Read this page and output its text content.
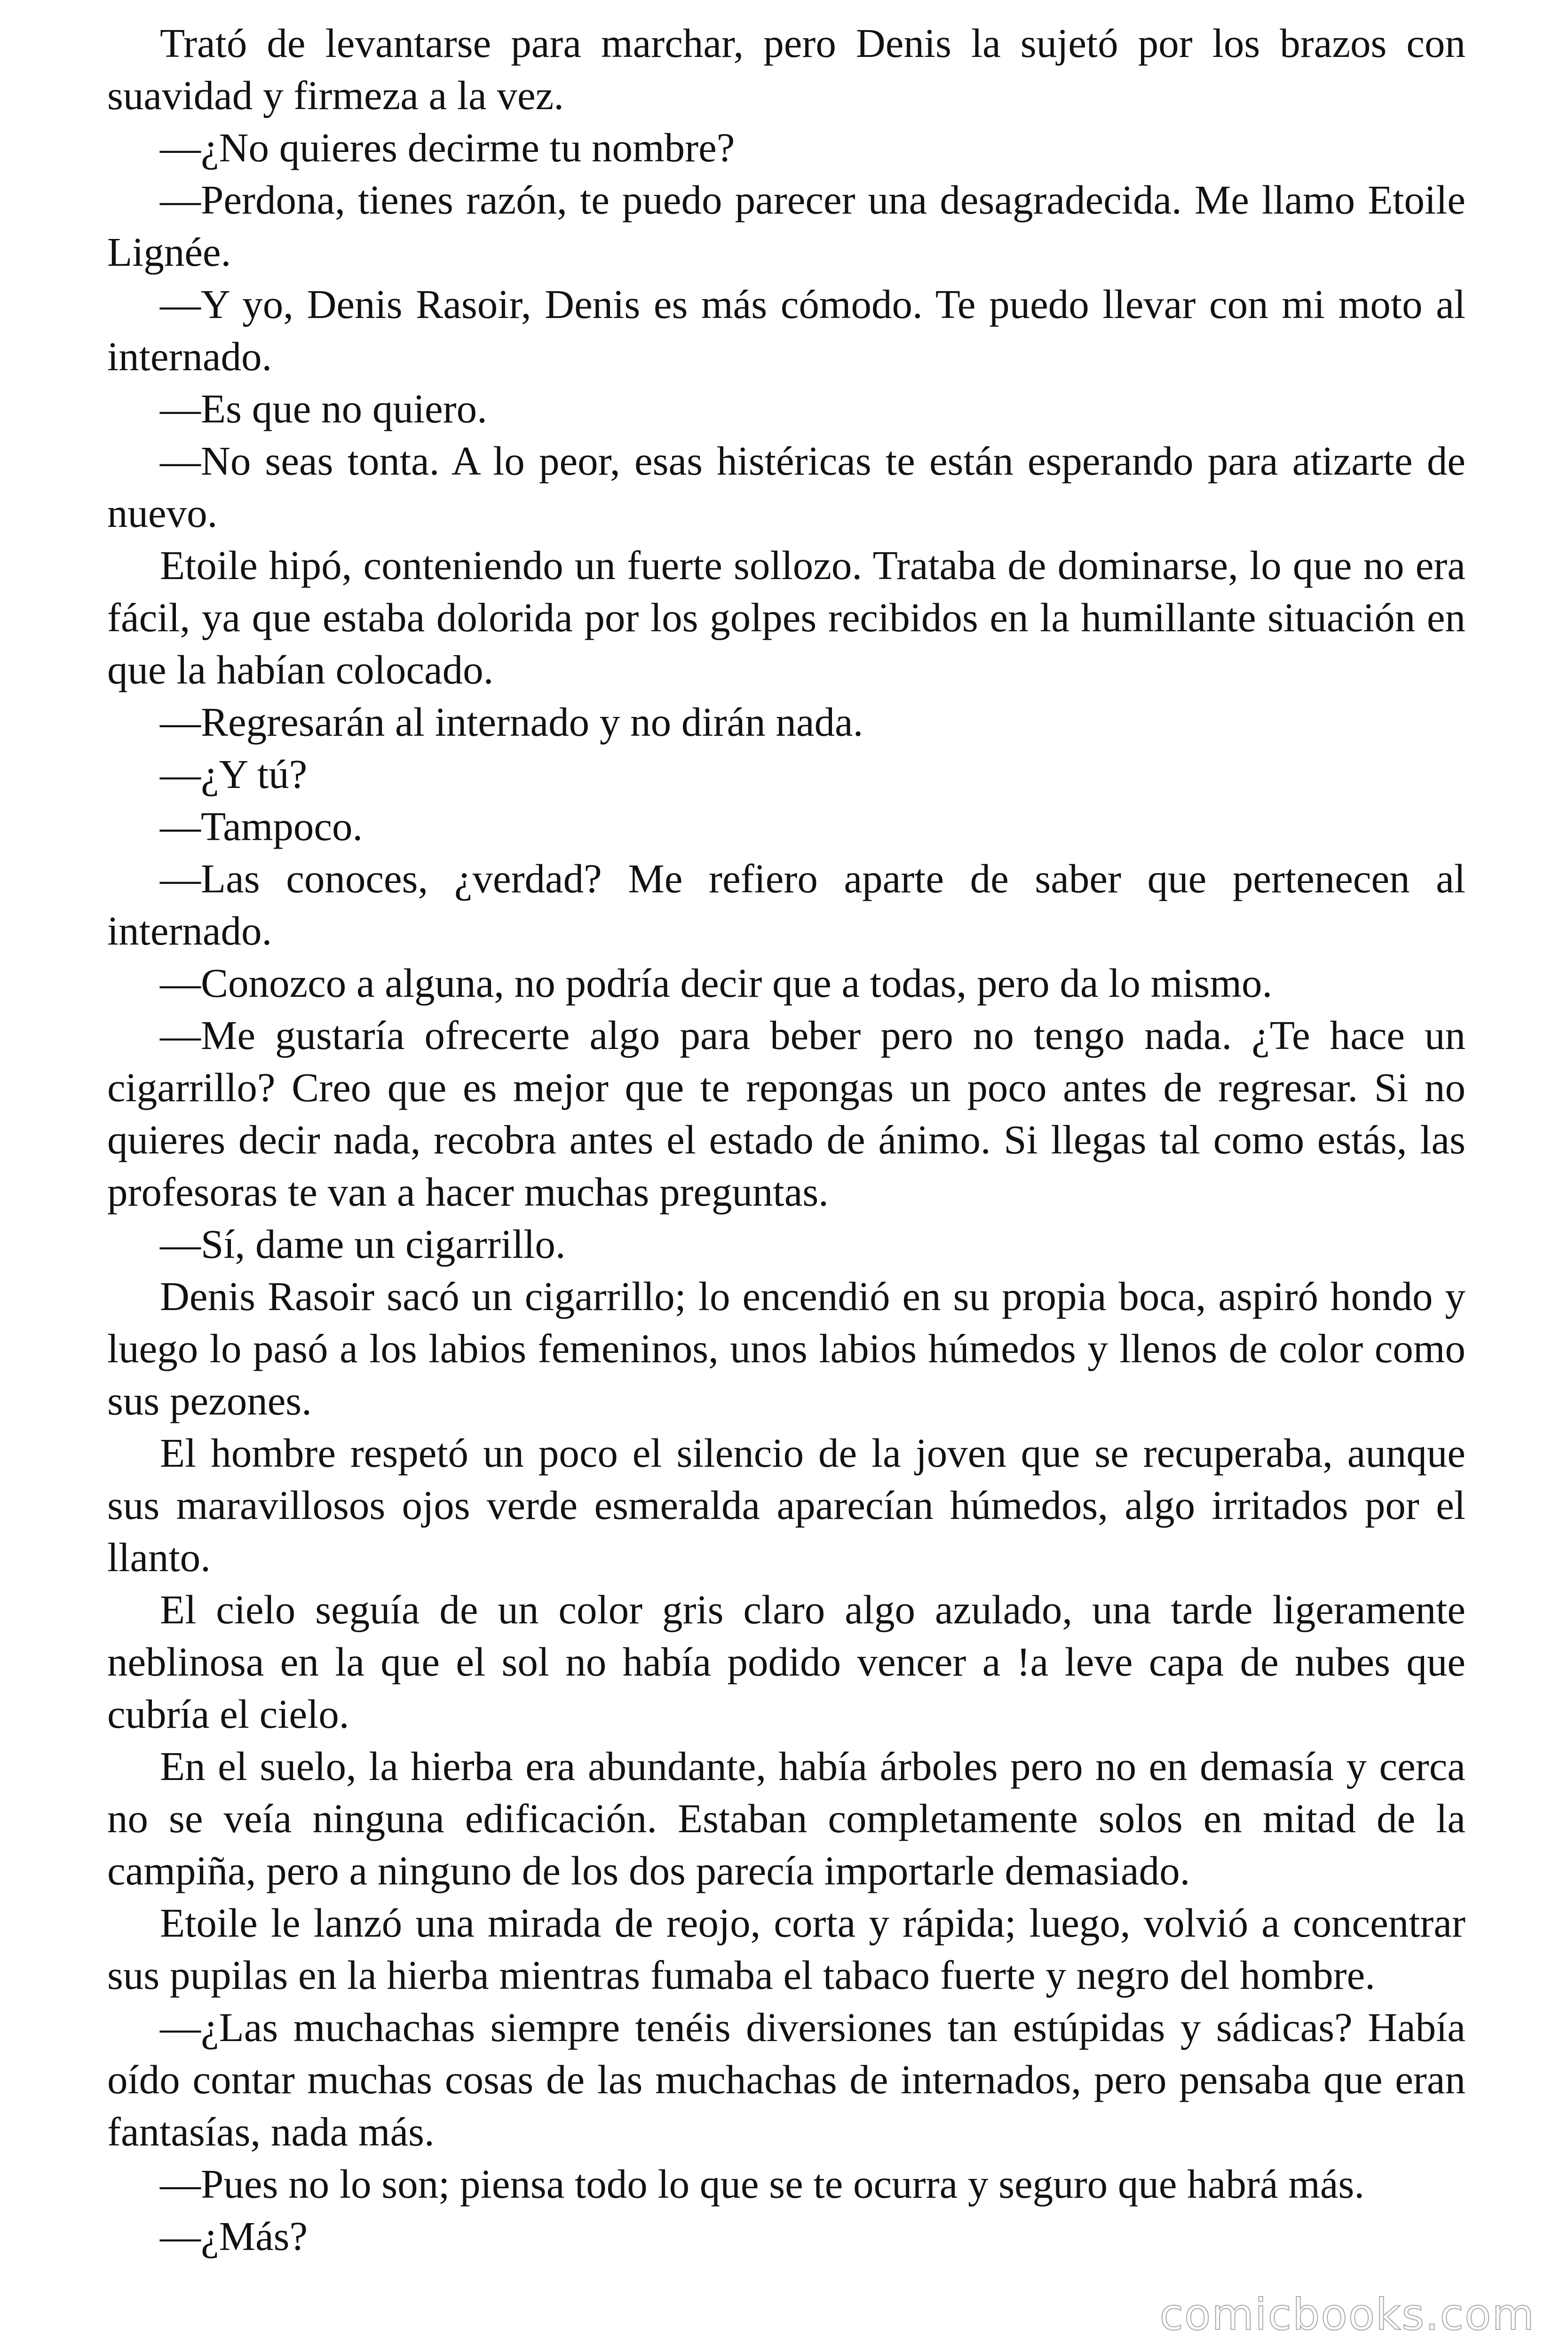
Trató de levantarse para marchar, pero Denis la sujetó por los brazos con suavidad y firmeza a la vez.

—¿No quieres decirme tu nombre?

—Perdona, tienes razón, te puedo parecer una desagradecida. Me llamo Etoile Lignée.

—Y yo, Denis Rasoir, Denis es más cómodo. Te puedo llevar con mi moto al internado.

—Es que no quiero.

—No seas tonta. A lo peor, esas histéricas te están esperando para atizarte de nuevo.

Etoile hipó, conteniendo un fuerte sollozo. Trataba de dominarse, lo que no era fácil, ya que estaba dolorida por los golpes recibidos en la humillante situación en que la habían colocado.

—Regresarán al internado y no dirán nada.

—¿Y tú?

—Tampoco.

—Las conoces, ¿verdad? Me refiero aparte de saber que pertenecen al internado.

—Conozco a alguna, no podría decir que a todas, pero da lo mismo.

—Me gustaría ofrecerte algo para beber pero no tengo nada. ¿Te hace un cigarrillo? Creo que es mejor que te repongas un poco antes de regresar. Si no quieres decir nada, recobra antes el estado de ánimo. Si llegas tal como estás, las profesoras te van a hacer muchas preguntas.

—Sí, dame un cigarrillo.

Denis Rasoir sacó un cigarrillo; lo encendió en su propia boca, aspiró hondo y luego lo pasó a los labios femeninos, unos labios húmedos y llenos de color como sus pezones.

El hombre respetó un poco el silencio de la joven que se recuperaba, aunque sus maravillosos ojos verde esmeralda aparecían húmedos, algo irritados por el llanto.

El cielo seguía de un color gris claro algo azulado, una tarde ligeramente neblinosa en la que el sol no había podido vencer a !a leve capa de nubes que cubría el cielo.

En el suelo, la hierba era abundante, había árboles pero no en demasía y cerca no se veía ninguna edificación. Estaban completamente solos en mitad de la campiña, pero a ninguno de los dos parecía importarle demasiado.

Etoile le lanzó una mirada de reojo, corta y rápida; luego, volvió a concentrar sus pupilas en la hierba mientras fumaba el tabaco fuerte y negro del hombre.

—¿Las muchachas siempre tenéis diversiones tan estúpidas y sádicas? Había oído contar muchas cosas de las muchachas de internados, pero pensaba que eran fantasías, nada más.

—Pues no lo son; piensa todo lo que se te ocurra y seguro que habrá más.

—¿Más?

comicbooks.com
